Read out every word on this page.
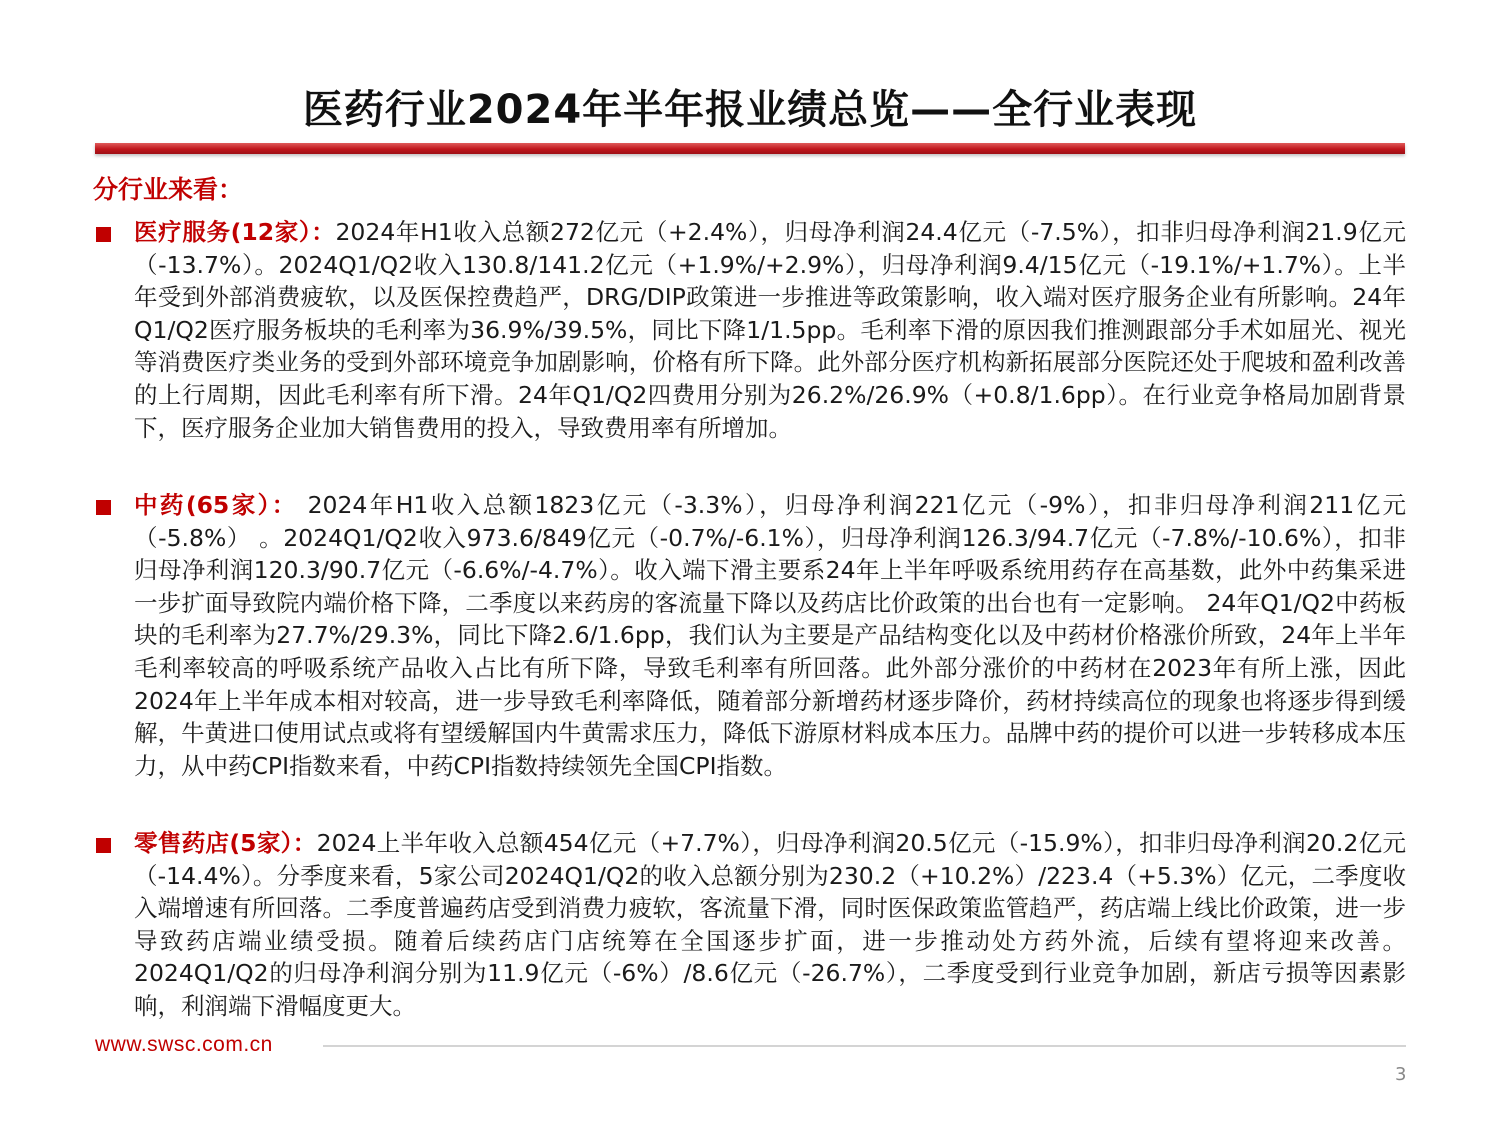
医药行业2024年半年报业绩总览——全行业表现
分行业来看：
医疗服务(12家）：2024年H1收入总额272亿元（+2.4%），归母净利润24.4亿元（-7.5%），扣非归母净利润21.9亿元（-13.7%）。2024Q1/Q2收入130.8/141.2亿元（+1.9%/+2.9%），归母净利润9.4/15亿元（-19.1%/+1.7%）。上半年受到外部消费疲软，以及医保控费趋严，DRG/DIP政策进一步推进等政策影响，收入端对医疗服务企业有所影响。24年Q1/Q2医疗服务板块的毛利率为36.9%/39.5%，同比下降1/1.5pp。毛利率下滑的原因我们推测跟部分手术如屈光、视光等消费医疗类业务的受到外部环境竞争加剧影响，价格有所下降。此外部分医疗机构新拓展部分医院还处于爬坡和盈利改善的上行周期，因此毛利率有所下滑。24年Q1/Q2四费用分别为26.2%/26.9%（+0.8/1.6pp）。在行业竞争格局加剧背景下，医疗服务企业加大销售费用的投入，导致费用率有所增加。
中药(65家）： 2024年H1收入总额1823亿元（-3.3%），归母净利润221亿元（-9%），扣非归母净利润211亿元（-5.8%） 。2024Q1/Q2收入973.6/849亿元（-0.7%/-6.1%），归母净利润126.3/94.7亿元（-7.8%/-10.6%），扣非归母净利润120.3/90.7亿元（-6.6%/-4.7%）。收入端下滑主要系24年上半年呼吸系统用药存在高基数，此外中药集采进一步扩面导致院内端价格下降，二季度以来药房的客流量下降以及药店比价政策的出台也有一定影响。 24年Q1/Q2中药板块的毛利率为27.7%/29.3%，同比下降2.6/1.6pp，我们认为主要是产品结构变化以及中药材价格涨价所致，24年上半年毛利率较高的呼吸系统产品收入占比有所下降，导致毛利率有所回落。此外部分涨价的中药材在2023年有所上涨，因此2024年上半年成本相对较高，进一步导致毛利率降低，随着部分新增药材逐步降价，药材持续高位的现象也将逐步得到缓解，牛黄进口使用试点或将有望缓解国内牛黄需求压力，降低下游原材料成本压力。品牌中药的提价可以进一步转移成本压力，从中药CPI指数来看，中药CPI指数持续领先全国CPI指数。
零售药店(5家）：2024上半年收入总额454亿元（+7.7%），归母净利润20.5亿元（-15.9%），扣非归母净利润20.2亿元（-14.4%）。分季度来看，5家公司2024Q1/Q2的收入总额分别为230.2（+10.2%）/223.4（+5.3%）亿元，二季度收入端增速有所回落。二季度普遍药店受到消费力疲软，客流量下滑，同时医保政策监管趋严，药店端上线比价政策，进一步导致药店端业绩受损。随着后续药店门店统筹在全国逐步扩面，进一步推动处方药外流，后续有望将迎来改善。 2024Q1/Q2的归母净利润分别为11.9亿元（-6%）/8.6亿元（-26.7%），二季度受到行业竞争加剧，新店亏损等因素影响，利润端下滑幅度更大。
www.swsc.com.cn
3
